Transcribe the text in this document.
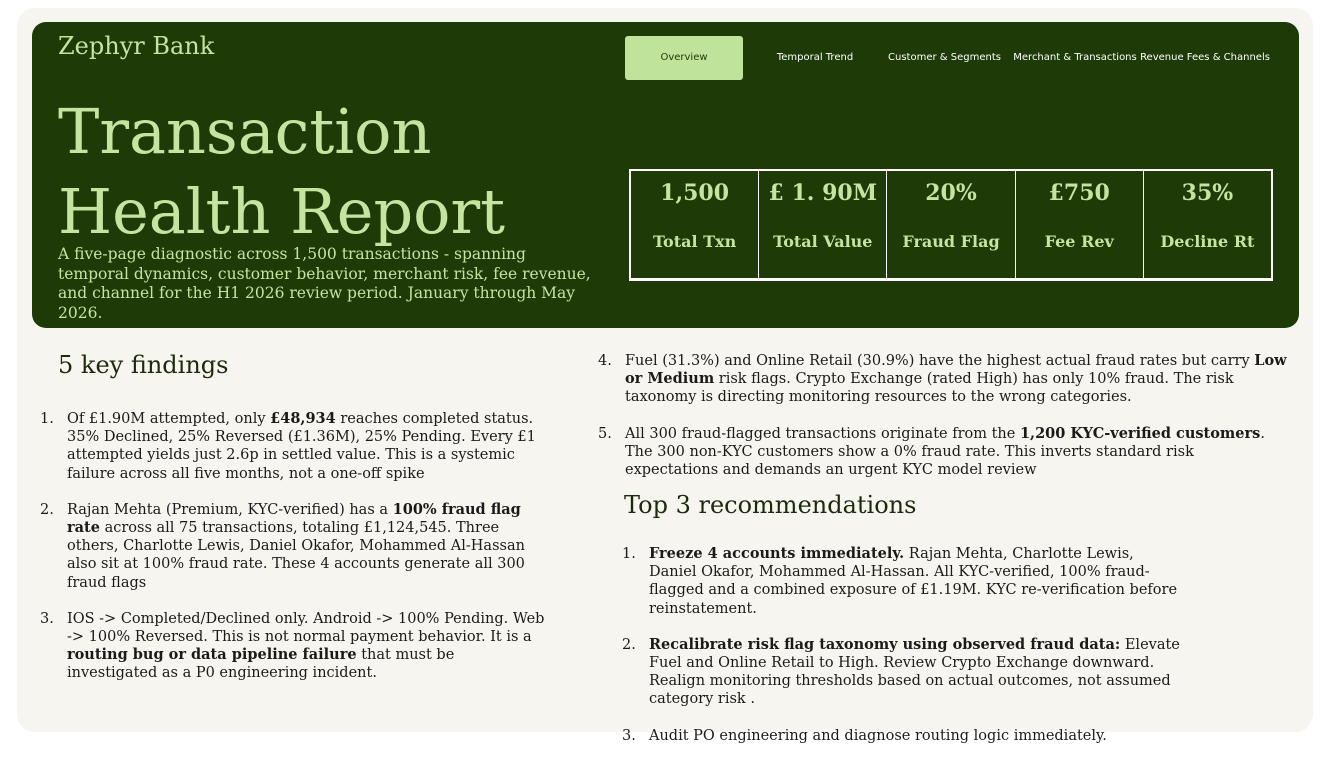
Zephyr Bank
Transaction
Health Report
A five-page diagnostic across 1,500 transactions - spanning temporal dynamics, customer behavior, merchant risk, fee revenue, and channel for the H1 2026 review period. January through May 2026.
Overview	Temporal Trend	Customer & Segments	Merchant & Transactions Revenue Fees & Channels
1,500
Total Txn
£ 1. 90M
Total Value
20%
Fraud Flag
£750
Fee Rev
35%
Decline Rt
5 key findings
1. Of £1.90M attempted, only £48,934 reaches completed status. 35% Declined, 25% Reversed (£1.36M), 25% Pending. Every £1 attempted yields just 2.6p in settled value. This is a systemic failure across all five months, not a one-off spike
2. Rajan Mehta (Premium, KYC-verified) has a 100% fraud flag rate across all 75 transactions, totaling £1,124,545. Three others, Charlotte Lewis, Daniel Okafor, Mohammed Al-Hassan also sit at 100% fraud rate. These 4 accounts generate all 300 fraud flags
3. IOS -> Completed/Declined only. Android -> 100% Pending. Web -> 100% Reversed. This is not normal payment behavior. It is a routing bug or data pipeline failure that must be investigated as a P0 engineering incident.
4. Fuel (31.3%) and Online Retail (30.9%) have the highest actual fraud rates but carry Low or Medium risk flags. Crypto Exchange (rated High) has only 10% fraud. The risk taxonomy is directing monitoring resources to the wrong categories.
5. All 300 fraud-flagged transactions originate from the 1,200 KYC-verified customers. The 300 non-KYC customers show a 0% fraud rate. This inverts standard risk expectations and demands an urgent KYC model review
Top 3 recommendations
1. Freeze 4 accounts immediately. Rajan Mehta, Charlotte Lewis, Daniel Okafor, Mohammed Al-Hassan. All KYC-verified, 100% fraud-flagged and a combined exposure of £1.19M. KYC re-verification before reinstatement.
2. Recalibrate risk flag taxonomy using observed fraud data: Elevate Fuel and Online Retail to High. Review Crypto Exchange downward. Realign monitoring thresholds based on actual outcomes, not assumed category risk .
3. Audit PO engineering and diagnose routing logic immediately.
